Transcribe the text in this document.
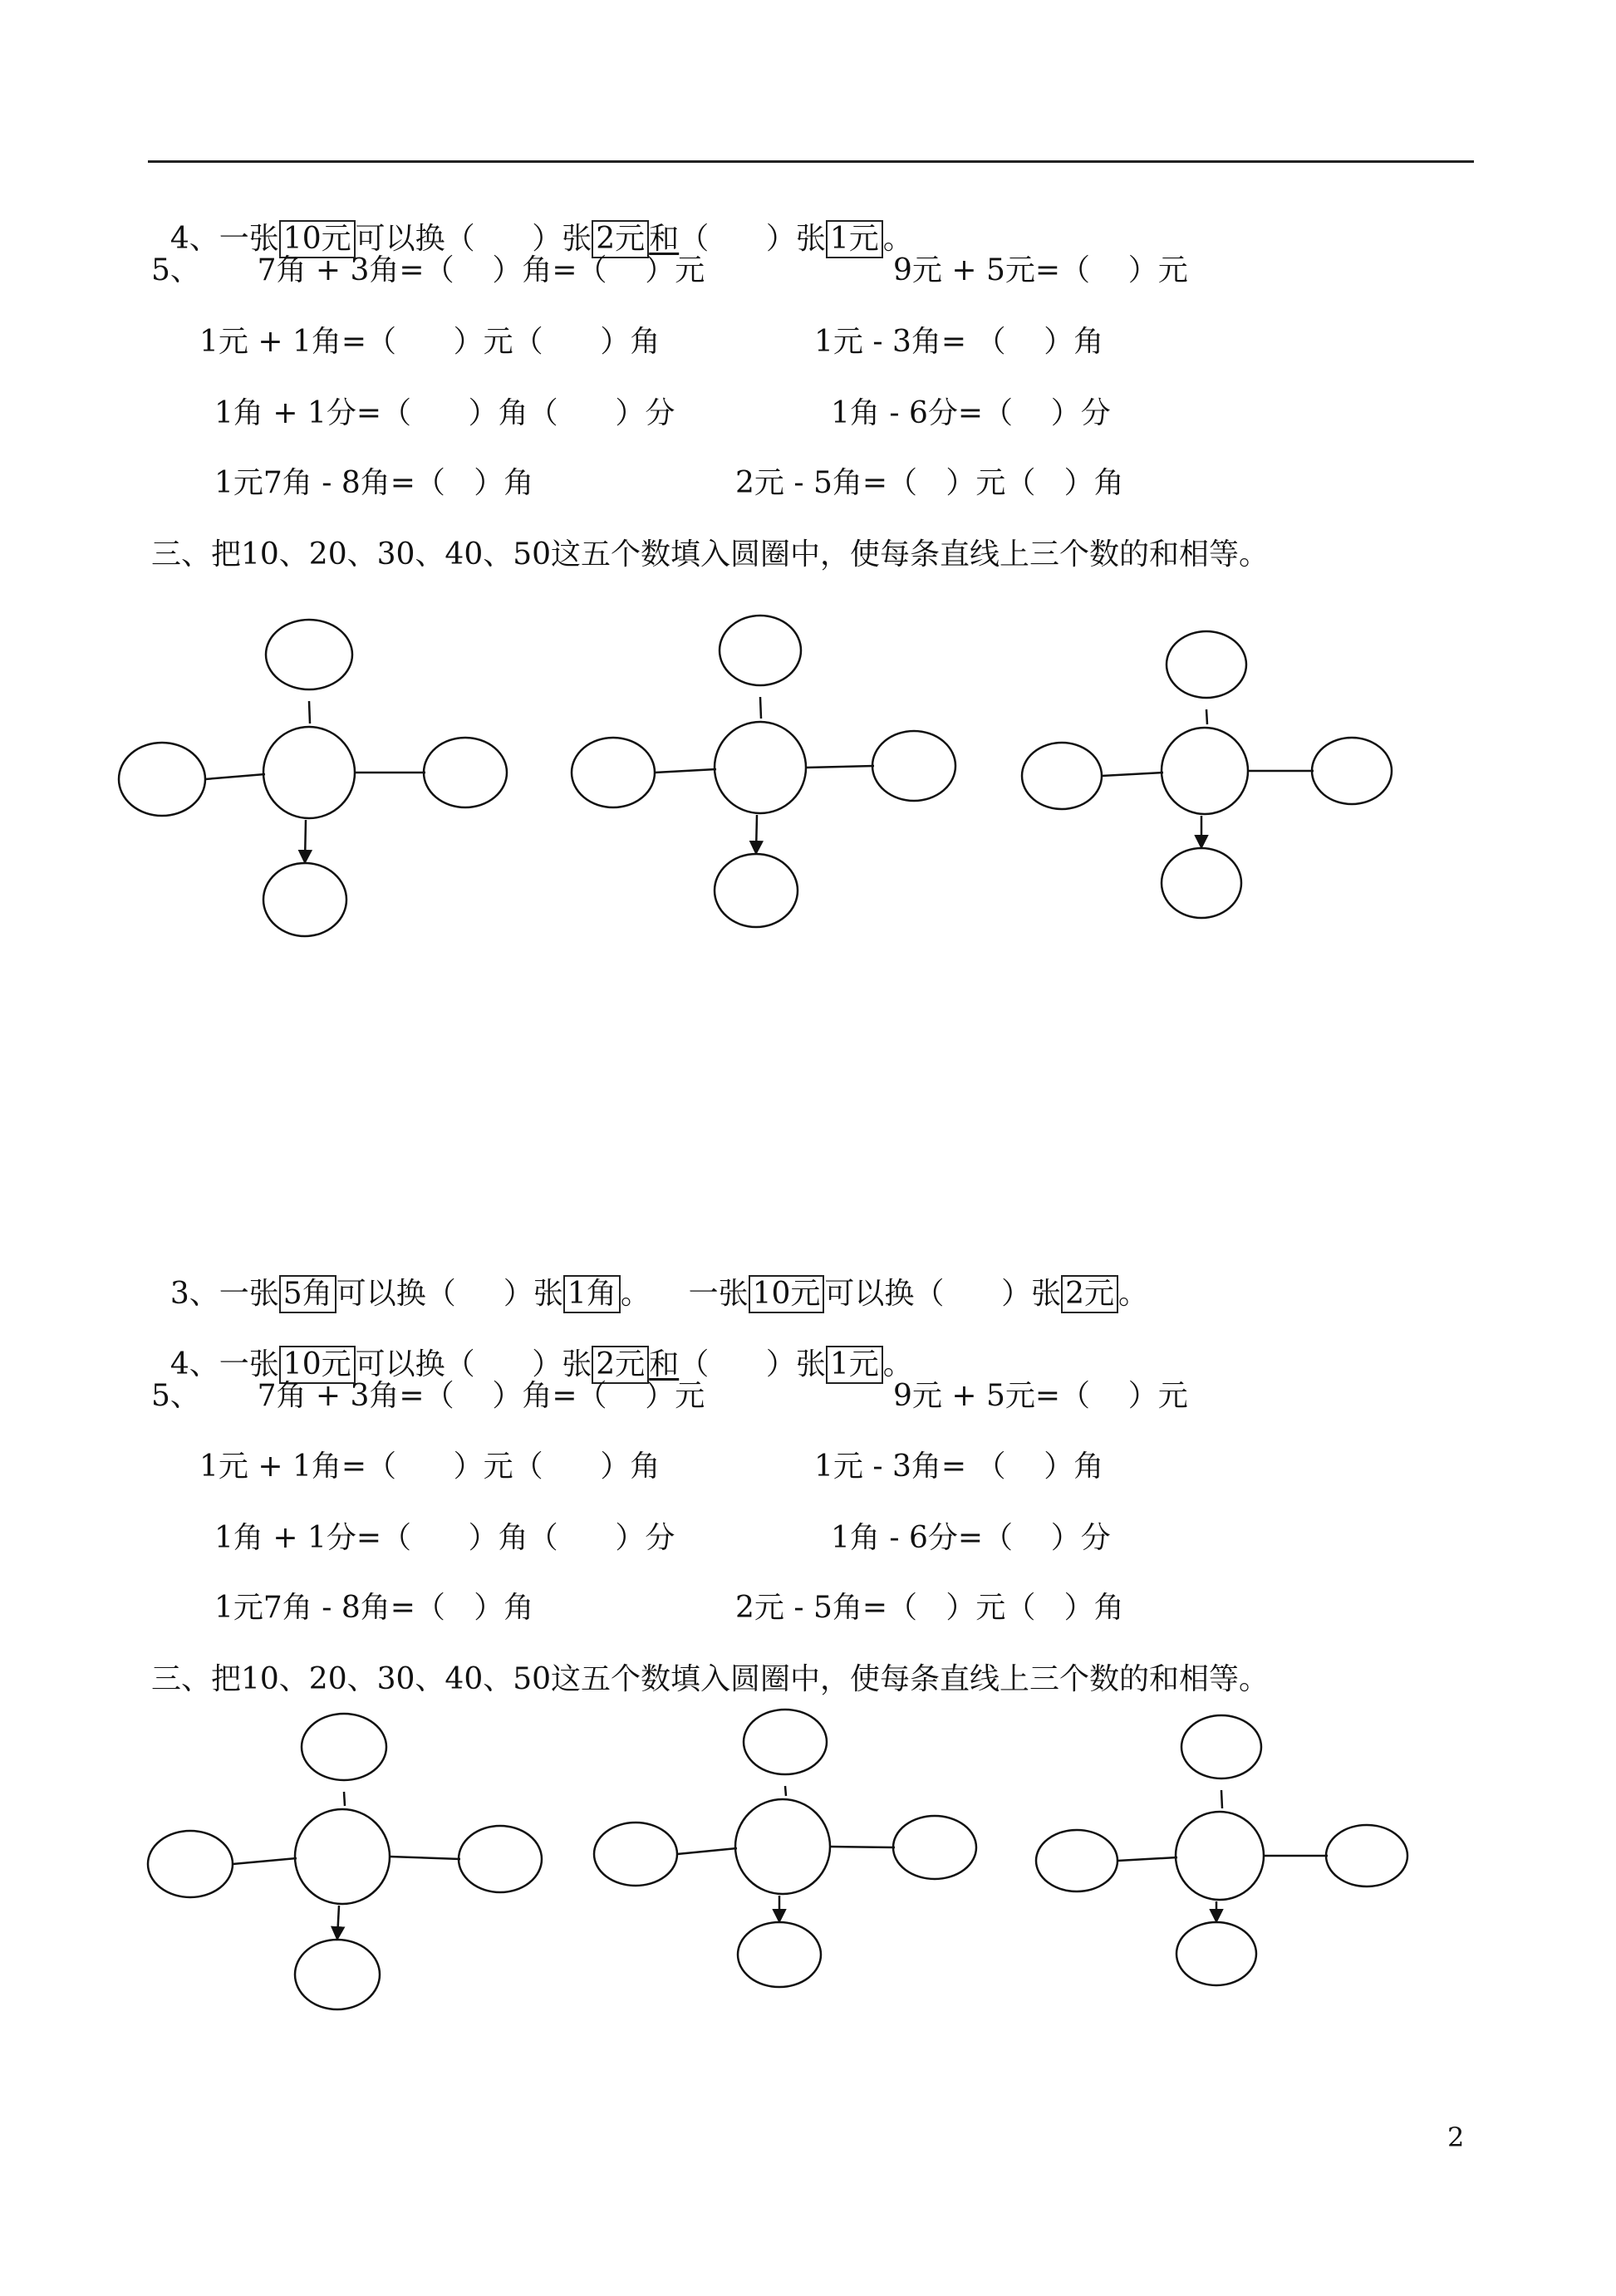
4、一张 10元 可以换（      ）张 2元 和（      ）张 1元 。

5、      7角 + 3角=（    ）角=（    ）元	9元 + 5元=（    ）元
1元 + 1角=（      ）元（      ）角	1元 - 3角= （    ）角
1角 + 1分=（      ）角（      ）分	1角 - 6分=（    ）分
1元7角 - 8角=（   ）角	2元 - 5角=（   ）元（   ）角
三、把10、20、30、40、50这五个数填入圆圈中，使每条直线上三个数的和相等。

3、一张 5角 可以换（     ）张 1角 。    一张 10元 可以换（      ）张 2元 。

4、一张 10元 可以换（      ）张 2元 和（      ）张 1元 。

5、      7角 + 3角=（    ）角=（    ）元	9元 + 5元=（    ）元
1元 + 1角=（      ）元（      ）角	1元 - 3角= （    ）角
1角 + 1分=（      ）角（      ）分	1角 - 6分=（    ）分
1元7角 - 8角=（   ）角	2元 - 5角=（   ）元（   ）角
三、把10、20、30、40、50这五个数填入圆圈中，使每条直线上三个数的和相等。
2
